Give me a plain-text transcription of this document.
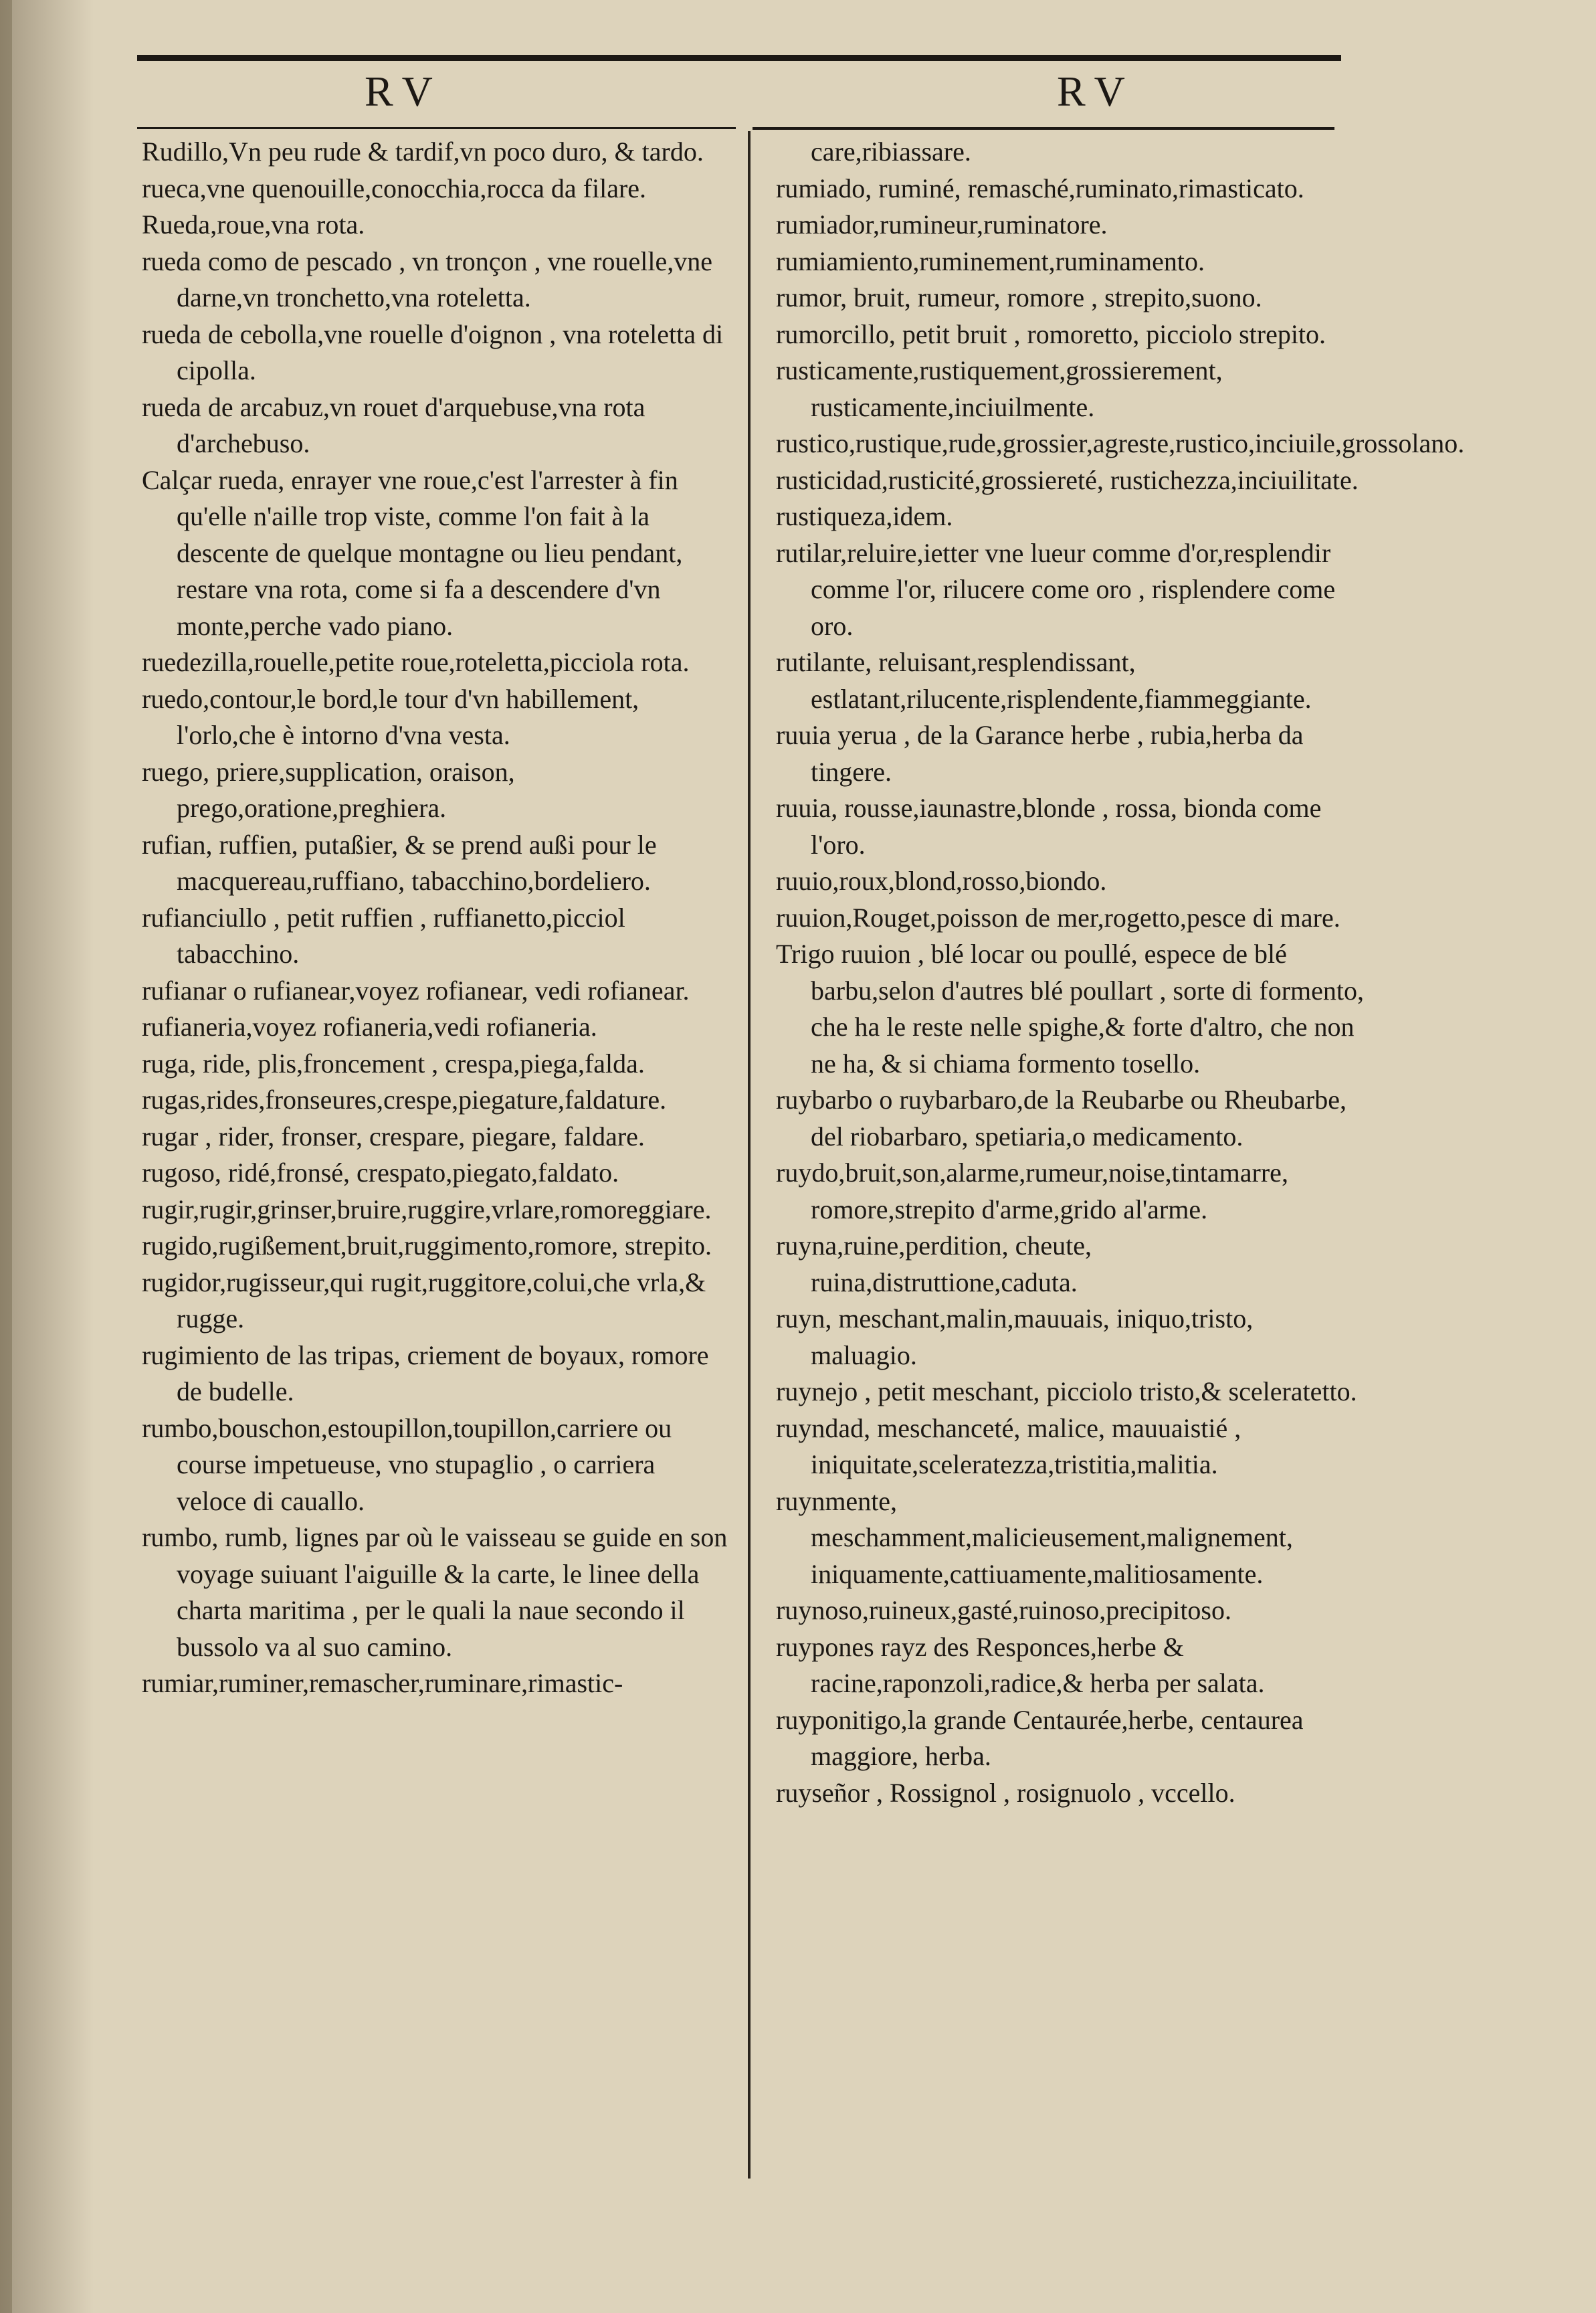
RV	RV

Rudillo,Vn peu rude & tardif,vn poco duro, & tardo.

rueca,vne quenouille,conocchia,rocca da filare.

Rueda,roue,vna rota.

rueda como de pescado , vn tronçon , vne rouelle,vne darne,vn tronchetto,vna roteletta.

rueda de cebolla,vne rouelle d'oignon , vna roteletta di cipolla.

rueda de arcabuz,vn rouet d'arquebuse,vna rota d'archebuso.

Calçar rueda, enrayer vne roue,c'est l'arrester à fin qu'elle n'aille trop viste, comme l'on fait à la descente de quelque montagne ou lieu pendant, restare vna rota, come si fa a descendere d'vn monte,perche vado piano.

ruedezilla,rouelle,petite roue,roteletta,picciola rota.

ruedo,contour,le bord,le tour d'vn habillement, l'orlo,che è intorno d'vna vesta.

ruego, priere,supplication, oraison, prego,oratione,preghiera.

rufian, ruffien, putaßier, & se prend außi pour le macquereau,ruffiano, tabacchino,bordeliero.

rufianciullo , petit ruffien , ruffianetto,picciol tabacchino.

rufianar o rufianear,voyez rofianear, vedi rofianear.

rufianeria,voyez rofianeria,vedi rofianeria.

ruga, ride, plis,froncement , crespa,piega,falda.

rugas,rides,fronseures,crespe,piegature,faldature.

rugar , rider, fronser, crespare, piegare, faldare.

rugoso, ridé,fronsé, crespato,piegato,faldato.

rugir,rugir,grinser,bruire,ruggire,vrlare,romoreggiare.

rugido,rugißement,bruit,ruggimento,romore, strepito.

rugidor,rugisseur,qui rugit,ruggitore,colui,che vrla,& rugge.

rugimiento de las tripas, criement de boyaux, romore de budelle.

rumbo,bouschon,estoupillon,toupillon,carriere ou course impetueuse, vno stupaglio , o carriera veloce di cauallo.

rumbo, rumb, lignes par où le vaisseau se guide en son voyage suiuant l'aiguille & la carte, le linee della charta maritima , per le quali la naue secondo il bussolo va al suo camino.

rumiar,ruminer,remascher,ruminare,rimastic-

care,ribiassare.

rumiado, ruminé, remasché,ruminato,rimasticato.

rumiador,rumineur,ruminatore.

rumiamiento,ruminement,ruminamento.

rumor, bruit, rumeur, romore , strepito,suono.

rumorcillo, petit bruit , romoretto, picciolo strepito.

rusticamente,rustiquement,grossierement, rusticamente,inciuilmente.

rustico,rustique,rude,grossier,agreste,rustico,inciuile,grossolano.

rusticidad,rusticité,grossiereté, rustichezza,inciuilitate.

rustiqueza,idem.

rutilar,reluire,ietter vne lueur comme d'or,resplendir comme l'or, rilucere come oro , risplendere come oro.

rutilante, reluisant,resplendissant, estlatant,rilucente,risplendente,fiammeggiante.

ruuia yerua , de la Garance herbe , rubia,herba da tingere.

ruuia, rousse,iaunastre,blonde , rossa, bionda come l'oro.

ruuio,roux,blond,rosso,biondo.

ruuion,Rouget,poisson de mer,rogetto,pesce di mare.

Trigo ruuion , blé locar ou poullé, espece de blé barbu,selon d'autres blé poullart , sorte di formento, che ha le reste nelle spighe,& forte d'altro, che non ne ha, & si chiama formento tosello.

ruybarbo o ruybarbaro,de la Reubarbe ou Rheubarbe, del riobarbaro, spetiaria,o medicamento.

ruydo,bruit,son,alarme,rumeur,noise,tintamarre, romore,strepito d'arme,grido al'arme.

ruyna,ruine,perdition, cheute, ruina,distruttione,caduta.

ruyn, meschant,malin,mauuais, iniquo,tristo, maluagio.

ruynejo , petit meschant, picciolo tristo,& sceleratetto.

ruyndad, meschanceté, malice, mauuaistié , iniquitate,sceleratezza,tristitia,malitia.

ruynmente, meschamment,malicieusement,malignement, iniquamente,cattiuamente,malitiosamente.

ruynoso,ruineux,gasté,ruinoso,precipitoso.

ruypones rayz des Responces,herbe & racine,raponzoli,radice,& herba per salata.

ruyponitigo,la grande Centaurée,herbe, centaurea maggiore, herba.

ruyseñor , Rossignol , rosignuolo , vccello.
